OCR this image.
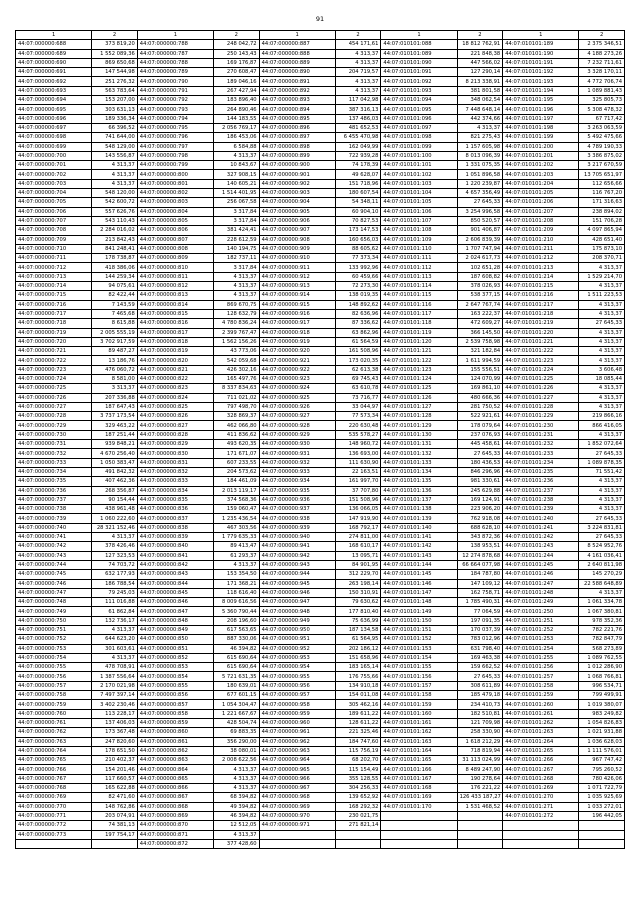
91
1	2	1	2	1	2	1	2	1	2
44:07:000000:688	373 819,20	44:07:000000:788	248 042,72	44:07:000000:887	454 171,61	44:07:010101:088	18 812 762,91	44:07:010101:189	2 375 346,51
44:07:000000:689	1 552 089,36	44:07:000000:787	250 143,43	44:07:000000:888	4 313,37	44:07:010101:089	221 848,38	44:07:010101:190	4 188 273,26
44:07:000000:690	869 650,68	44:07:000000:788	169 176,87	44:07:000000:889	4 313,37	44:07:010101:090	447 566,02	44:07:010101:191	7 232 711,61
44:07:000000:691	147 544,98	44:07:000000:789	270 608,47	44:07:000000:890	204 719,57	44:07:010101:091	127 290,14	44:07:010101:192	3 328 170,11
44:07:000000:692	251 276,32	44:07:000000:790	189 046,16	44:07:000000:891	4 313,37	44:07:010101:092	8 213 338,91	44:07:010101:193	4 772 706,74
44:07:000000:693	563 783,64	44:07:000000:791	267 427,94	44:07:000000:892	4 313,37	44:07:010101:093	381 801,58	44:07:010101:194	1 089 881,43
44:07:000000:694	153 207,00	44:07:000000:792	183 896,40	44:07:000000:893	117 042,98	44:07:010101:094	348 062,54	44:07:010101:195	325 805,73
44:07:000000:695	303 631,13	44:07:000000:793	264 890,46	44:07:000000:894	387 316,13	44:07:010101:095	7 448 648,14	44:07:010101:196	5 308 478,32
44:07:000000:696	189 336,34	44:07:000000:794	144 183,55	44:07:000000:895	137 486,03	44:07:010101:096	442 374,66	44:07:010101:197	67 717,42
44:07:000000:697	66 396,52	44:07:000000:795	2 056 769,17	44:07:000000:896	481 652,53	44:07:010101:097	4 313,37	44:07:010101:198	3 263 063,59
44:07:000000:698	741 644,00	44:07:000000:796	186 453,06	44:07:000000:897	6 455 470,98	44:07:010101:098	821 275,43	44:07:010101:199	5 492 475,66
44:07:000000:699	548 129,00	44:07:000000:797	6 584,88	44:07:000000:898	162 049,99	44:07:010101:099	1 157 605,98	44:07:010101:200	4 789 190,33
44:07:000000:700	143 556,87	44:07:000000:798	4 313,37	44:07:000000:899	722 939,28	44:07:010101:100	8 013 096,39	44:07:010101:201	3 386 875,02
44:07:000000:701	4 313,37	44:07:000000:799	10 843,67	44:07:000000:900	74 178,39	44:07:010101:101	1 331 075,35	44:07:010101:202	3 217 670,59
44:07:000000:702	4 313,37	44:07:000000:800	327 908,15	44:07:000000:901	49 628,07	44:07:010101:102	1 051 896,58	44:07:010101:203	13 705 651,97
44:07:000000:703	4 313,37	44:07:000000:801	140 605,21	44:07:000000:902	151 718,96	44:07:010101:103	1 220 239,87	44:07:010101:204	112 656,66
44:07:000000:704	548 120,00	44:07:000000:802	1 514 401,95	44:07:000000:903	180 607,54	44:07:010101:104	4 657 356,49	44:07:010101:205	116 767,20
44:07:000000:705	542 600,72	44:07:000000:803	256 067,58	44:07:000000:904	54 348,11	44:07:010101:105	27 645,33	44:07:010101:206	171 316,63
44:07:000000:706	557 626,76	44:07:000000:804	3 317,84	44:07:000000:905	60 904,10	44:07:010101:106	3 254 996,58	44:07:010101:207	238 894,02
44:07:000000:707	543 110,43	44:07:000000:805	3 317,84	44:07:000000:906	70 827,53	44:07:010101:107	850 520,57	44:07:010101:208	151 706,28
44:07:000000:708	2 284 016,02	44:07:000000:806	381 424,41	44:07:000000:907	173 147,53	44:07:010101:108	901 406,87	44:07:010101:209	4 097 865,94
44:07:000000:709	213 842,43	44:07:000000:807	228 612,59	44:07:000000:908	160 656,03	44:07:010101:109	2 606 839,39	44:07:010101:210	428 651,40
44:07:000000:710	841 248,41	44:07:000000:808	140 194,75	44:07:000000:909	88 605,62	44:07:010101:110	1 707 747,94	44:07:010101:211	175 873,10
44:07:000000:711	178 738,87	44:07:000000:809	182 737,11	44:07:000000:910	77 373,34	44:07:010101:111	2 024 617,73	44:07:010101:212	208 370,71
44:07:000000:712	418 386,06	44:07:000000:810	3 317,84	44:07:000000:911	133 992,96	44:07:010101:112	102 651,28	44:07:010101:213	4 313,37
44:07:000000:713	144 259,34	44:07:000000:811	4 313,37	44:07:000000:912	60 459,66	44:07:010101:113	187 608,82	44:07:010101:214	1 529 214,70
44:07:000000:714	94 075,61	44:07:000000:812	4 313,37	44:07:000000:913	72 273,30	44:07:010101:114	378 026,93	44:07:010101:215	4 313,37
44:07:000000:715	82 422,44	44:07:000000:813	4 313,37	44:07:000000:914	138 019,35	44:07:010101:115	538 377,15	44:07:010101:216	1 511 223,53
44:07:000000:716	7 143,59	44:07:000000:814	869 670,75	44:07:000000:915	148 892,62	44:07:010101:116	2 647 767,74	44:07:010101:217	4 313,37
44:07:000000:717	7 465,68	44:07:000000:815	128 632,79	44:07:000000:916	82 636,96	44:07:010101:117	163 222,37	44:07:010101:218	4 313,37
44:07:000000:718	8 615,88	44:07:000000:816	4 780 836,24	44:07:000000:917	87 336,62	44:07:010101:118	472 609,27	44:07:010101:219	27 645,33
44:07:000000:719	2 005 555,19	44:07:000000:817	2 399 767,47	44:07:000000:918	63 862,96	44:07:010101:119	366 145,50	44:07:010101:220	4 313,37
44:07:000000:720	3 702 917,59	44:07:000000:818	1 562 156,26	44:07:000000:919	61 564,59	44:07:010101:120	2 539 758,98	44:07:010101:221	4 313,37
44:07:000000:721	89 487,27	44:07:000000:819	43 773,06	44:07:000000:920	161 508,96	44:07:010101:121	321 182,84	44:07:010101:222	4 313,37
44:07:000000:722	13 186,76	44:07:000000:820	542 059,68	44:07:000000:921	173 020,35	44:07:010101:122	1 611 994,59	44:07:010101:223	4 313,37
44:07:000000:723	476 060,72	44:07:000000:821	426 302,16	44:07:000000:922	62 613,38	44:07:010101:123	155 556,51	44:07:010101:224	3 606,48
44:07:000000:724	8 581,00	44:07:000000:822	165 497,76	44:07:000000:923	69 745,43	44:07:010101:124	124 070,99	44:07:010101:225	18 085,44
44:07:000000:725	3 313,37	44:07:000000:823	8 337 834,63	44:07:000000:924	63 610,78	44:07:010101:125	169 861,10	44:07:010101:226	4 313,37
44:07:000000:726	207 336,88	44:07:000000:824	711 021,02	44:07:000000:925	73 716,77	44:07:010101:126	480 666,36	44:07:010101:227	4 313,37
44:07:000000:727	187 647,43	44:07:000000:825	797 498,70	44:07:000000:926	33 044,97	44:07:010101:127	281 750,52	44:07:010101:228	4 313,37
44:07:000000:728	3 737 173,54	44:07:000000:826	328 869,37	44:07:000000:927	77 573,34	44:07:010101:128	522 921,61	44:07:010101:229	219 866,16
44:07:000000:729	329 463,22	44:07:000000:827	462 066,80	44:07:000000:928	220 630,48	44:07:010101:129	178 079,64	44:07:010101:230	866 416,05
44:07:000000:730	187 251,44	44:07:000000:828	411 836,62	44:07:000000:929	535 578,27	44:07:010101:130	237 076,93	44:07:010101:231	4 313,37
44:07:000000:731	939 848,21	44:07:000000:829	493 620,35	44:07:000000:930	148 960,72	44:07:010101:131	445 458,61	44:07:010101:232	1 852 072,64
44:07:000000:732	4 670 256,40	44:07:000000:830	171 671,07	44:07:000000:931	136 693,00	44:07:010101:132	27 645,33	44:07:010101:233	27 645,33
44:07:000000:733	1 050 383,47	44:07:000000:831	607 233,55	44:07:000000:932	111 630,90	44:07:010101:133	180 436,53	44:07:010101:234	1 089 878,35
44:07:000000:734	491 842,32	44:07:000000:832	204 573,62	44:07:000000:933	22 163,51	44:07:010101:134	846 296,96	44:07:010101:235	71 551,42
44:07:000000:735	407 462,36	44:07:000000:833	184 461,09	44:07:000000:934	161 997,70	44:07:010101:135	981 330,61	44:07:010101:236	4 313,37
44:07:000000:736	268 356,87	44:07:000000:834	2 013 119,17	44:07:000000:935	37 707,80	44:07:010101:136	245 629,88	44:07:010101:237	4 313,37
44:07:000000:737	90 154,44	44:07:000000:835	374 568,36	44:07:000000:936	151 508,96	44:07:010101:137	169 124,91	44:07:010101:238	4 313,37
44:07:000000:738	438 961,48	44:07:000000:836	159 060,47	44:07:000000:937	136 066,05	44:07:010101:138	223 906,20	44:07:010101:239	4 313,37
44:07:000000:739	1 060 222,60	44:07:000000:837	1 235 436,54	44:07:000000:938	147 919,90	44:07:010101:139	762 918,08	44:07:010101:240	27 645,33
44:07:000000:740	28 321 152,46	44:07:000000:838	467 303,56	44:07:000000:939	168 792,17	44:07:010101:140	688 628,10	44:07:010101:241	3 224 831,81
44:07:000000:741	4 313,37	44:07:000000:839	1 779 635,33	44:07:000000:940	274 811,00	44:07:010101:141	343 872,36	44:07:010101:242	27 645,33
44:07:000000:742	378 426,46	44:07:000000:840	89 413,47	44:07:000000:941	168 610,17	44:07:010101:142	138 953,51	44:07:010101:243	8 524 952,76
44:07:000000:743	127 323,53	44:07:000000:841	61 293,37	44:07:000000:942	13 095,71	44:07:010101:143	12 274 878,68	44:07:010101:244	4 161 036,41
44:07:000000:744	74 703,72	44:07:000000:842	4 313,37	44:07:000000:943	84 901,95	44:07:010101:144	66 664 077,98	44:07:010101:245	2 640 811,98
44:07:000000:745	632 177,93	44:07:000000:843	153 354,50	44:07:000000:944	312 229,70	44:07:010101:145	184 787,80	44:07:010101:246	145 270,29
44:07:000000:746	186 788,54	44:07:000000:844	171 368,21	44:07:000000:945	263 198,14	44:07:010101:146	147 109,12	44:07:010101:247	22 588 648,89
44:07:000000:747	79 245,03	44:07:000000:845	118 616,40	44:07:000000:946	150 310,91	44:07:010101:147	162 758,71	44:07:010101:248	4 313,37
44:07:000000:748	111 016,88	44:07:000000:846	8 009 616,56	44:07:000000:947	79 630,62	44:07:010101:148	1 785 490,31	44:07:010101:249	1 061 334,78
44:07:000000:749	61 862,84	44:07:000000:847	5 360 790,44	44:07:000000:948	177 810,40	44:07:010101:149	77 064,59	44:07:010101:250	1 067 380,81
44:07:000000:750	132 736,17	44:07:000000:848	208 196,60	44:07:000000:949	75 636,99	44:07:010101:150	197 091,35	44:07:010101:251	978 352,36
44:07:000000:751	4 313,37	44:07:000000:849	617 563,65	44:07:000000:950	187 134,58	44:07:010101:151	170 037,39	44:07:010101:252	782 221,76
44:07:000000:752	644 623,20	44:07:000000:850	887 330,06	44:07:000000:951	61 564,95	44:07:010101:152	783 012,96	44:07:010101:253	782 847,79
44:07:000000:753	301 603,61	44:07:000000:851	46 394,82	44:07:000000:952	202 186,12	44:07:010101:153	631 798,40	44:07:010101:254	568 273,89
44:07:000000:754	4 313,37	44:07:000000:852	615 690,64	44:07:000000:953	151 658,96	44:07:010101:154	169 463,38	44:07:010101:255	1 089 762,55
44:07:000000:755	478 708,91	44:07:000000:853	615 690,64	44:07:000000:954	183 165,14	44:07:010101:155	159 662,52	44:07:010101:256	1 012 286,90
44:07:000000:756	1 387 556,64	44:07:000000:854	5 721 631,35	44:07:000000:955	176 755,66	44:07:010101:156	27 645,33	44:07:010101:257	1 068 766,81
44:07:000000:757	2 170 021,98	44:07:000000:855	180 639,01	44:07:000000:956	134 910,18	44:07:010101:157	308 611,89	44:07:010101:258	996 534,71
44:07:000000:758	7 497 397,14	44:07:000000:856	677 601,15	44:07:000000:957	154 011,08	44:07:010101:158	185 479,18	44:07:010101:259	799 499,91
44:07:000000:759	3 402 230,46	44:07:000000:857	1 054 304,47	44:07:000000:958	305 462,16	44:07:010101:159	234 410,73	44:07:010101:260	1 019 380,07
44:07:000000:760	113 228,17	44:07:000000:858	1 221 667,67	44:07:000000:959	189 611,22	44:07:010101:160	182 510,81	44:07:010101:261	983 249,82
44:07:000000:761	137 406,03	44:07:000000:859	428 504,74	44:07:000000:960	128 611,22	44:07:010101:161	121 709,98	44:07:010101:262	1 054 826,83
44:07:000000:762	173 367,48	44:07:000000:860	69 883,35	44:07:000000:961	221 325,46	44:07:010101:162	258 330,90	44:07:010101:263	1 021 931,88
44:07:000000:763	247 820,60	44:07:000000:861	356 290,00	44:07:000000:962	184 747,60	44:07:010101:163	1 618 212,29	44:07:010101:264	1 036 628,03
44:07:000000:764	178 651,50	44:07:000000:862	38 080,01	44:07:000000:963	115 756,19	44:07:010101:164	718 819,94	44:07:010101:265	1 111 576,01
44:07:000000:765	210 402,37	44:07:000000:863	2 008 622,56	44:07:000000:964	68 202,70	44:07:010101:165	31 113 024,99	44:07:010101:266	967 747,42
44:07:000000:766	154 201,46	44:07:000000:864	4 313,37	44:07:000000:965	115 154,49	44:07:010101:166	8 489 247,90	44:07:010101:267	795 260,52
44:07:000000:767	117 660,57	44:07:000000:865	4 313,37	44:07:000000:966	355 128,55	44:07:010101:167	190 278,64	44:07:010101:268	780 426,06
44:07:000000:768	165 622,88	44:07:000000:866	4 313,37	44:07:000000:967	304 256,33	44:07:010101:168	176 221,22	44:07:010101:269	1 071 722,79
44:07:000000:769	82 471,60	44:07:000000:867	68 394,82	44:07:000000:968	139 652,92	44:07:010101:169	126 433 187,27	44:07:010101:270	1 035 925,69
44:07:000000:770	148 762,86	44:07:000000:868	49 394,82	44:07:000000:969	168 292,32	44:07:010101:170	1 531 468,52	44:07:010101:271	1 033 272,01
44:07:000000:771	203 074,91	44:07:000000:869	46 394,82	44:07:000000:970	230 021,75			44:07:010101:272	196 442,05
44:07:000000:772	74 381,13	44:07:000000:870	12 512,05	44:07:000000:971	271 821,14				
44:07:000000:773	197 754,17	44:07:000000:871	4 313,37						
		44:07:000000:872	377 428,60						
